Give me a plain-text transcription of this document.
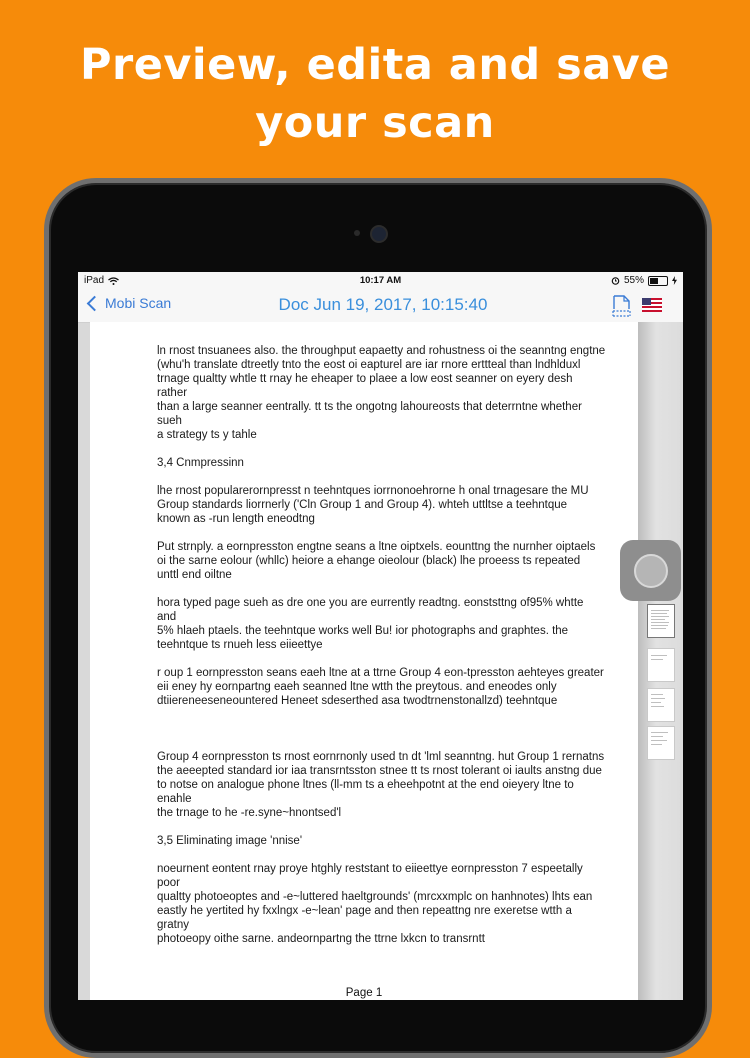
Preview, edita and save
your scan
iPad	10:17 AM	55%
Mobi Scan	Doc Jun 19, 2017, 10:15:40

ln rnost tnsuanees also. the throughput eapaetty and rohustness oi the seanntng engtne

(whu'h translate dtreetly tnto the eost oi eapturel are iar rnore erttteal than lndhlduxl

trnage qualtty whtle tt rnay he eheaper to plaee a low eost seanner on eyery desh

rather

than a large seanner eentrally. tt ts the ongotng lahoureosts that deterrntne whether

sueh

a strategy ts y tahle

3,4 Cnmpressinn

lhe rnost popularerornpresst n teehntques iorrnonoehrorne h onal trnagesare the MU

Group standards liorrnerly ('Cln Group 1 and Group 4). whteh uttltse a teehntque

known as -run length eneodtng

Put strnply. a eornpresston engtne seans a ltne oiptxels. eounttng the nurnher oiptaels

oi the sarne eolour (whllc) heiore a ehange oieolour (black) lhe proeess ts repeated

unttl end oiltne

hora typed page sueh as dre one you are eurrently readtng. eonststtng of95% whtte

and

5% hlaeh ptaels. the teehntque works well Bu! ior photographs and graphtes. the

teehntque ts rnueh less eiieettye

r oup 1 eornpresston seans eaeh ltne at a ttrne Group 4 eon-tpresston aehteyes greater

eii eney hy eornpartng eaeh seanned ltne wtth the preytous. and eneodes only

dtiiereneeseneountered Heneet sdeserthed asa twodtrnenstonallzd) teehntque

Group 4 eornpresston ts rnost eornrnonly used tn dt 'lml seanntng. hut Group 1 rernatns

the aeeepted standard ior iaa transrntsston stnee tt ts rnost tolerant oi iaults anstng due

to notse on analogue phone ltnes (ll-mm ts a eheehpotnt at the end oieyery ltne to

enahle

the trnage to he -re.syne~hnontsed'l

3,5 Eliminating image 'nnise'

noeurnent eontent rnay proye htghly reststant to eiieettye eornpresston 7 espeetally

poor

qualtty photoeoptes and -e~luttered haeltgrounds' (mrcxxmplc on hanhnotes) lhts ean

eastly he yertited hy fxxlngx -e~lean' page and then repeattng nre exeretse wtth a

gratny

photoeopy oithe sarne. andeornpartng the ttrne lxkcn to transrntt

Page 1
